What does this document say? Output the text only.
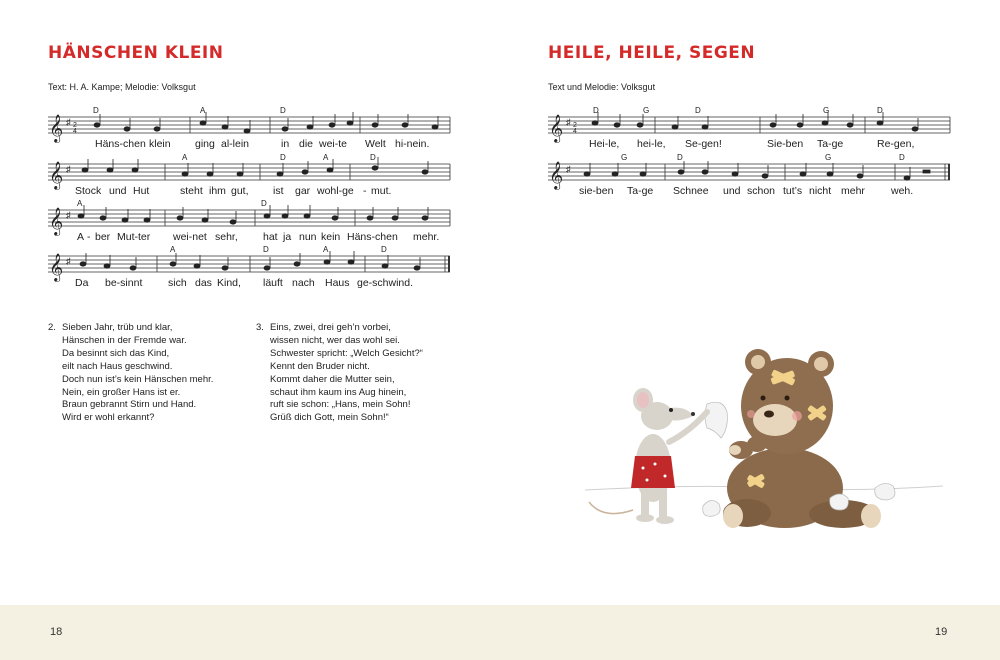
HÄNSCHEN KLEIN
Text: H. A. Kampe; Melodie: Volksgut
𝄞 ♯ 2
4
D	A	D
Häns-chen klein ging al-lein	in die wei-te Welt hi-nein.
𝄞 ♯
A	D	A	D
Stock und Hut	steht ihm gut, ist gar wohl-ge - mut.
𝄞 ♯
A	D
A - ber Mut-ter wei-net sehr, hat ja nun kein Häns-chen mehr.
𝄞 ♯
A	D	A	D
Da be-sinnt sich das Kind, läuft nach Haus ge-schwind.
2. Sieben Jahr, trüb und klar,
Hänschen in der Fremde war.
Da besinnt sich das Kind,
eilt nach Haus geschwind.
Doch nun ist’s kein Hänschen mehr.
Nein, ein großer Hans ist er.
Braun gebrannt Stirn und Hand.
Wird er wohl erkannt?
3. Eins, zwei, drei geh’n vorbei,
wissen nicht, wer das wohl sei.
Schwester spricht: „Welch Gesicht?“
Kennt den Bruder nicht.
Kommt daher die Mutter sein,
schaut ihm kaum ins Aug hinein,
ruft sie schon: „Hans, mein Sohn!
Grüß dich Gott, mein Sohn!“
18
HEILE, HEILE, SEGEN
Text und Melodie: Volksgut
𝄞 ♯ 2
4
D	G	D	G	D
Hei-le, hei-le, Se-gen!	Sie-ben Ta-ge	Re-gen,
𝄞 ♯
G	D	G	D
sie-ben Ta-ge Schnee und schon tut’s nicht mehr weh.
19
